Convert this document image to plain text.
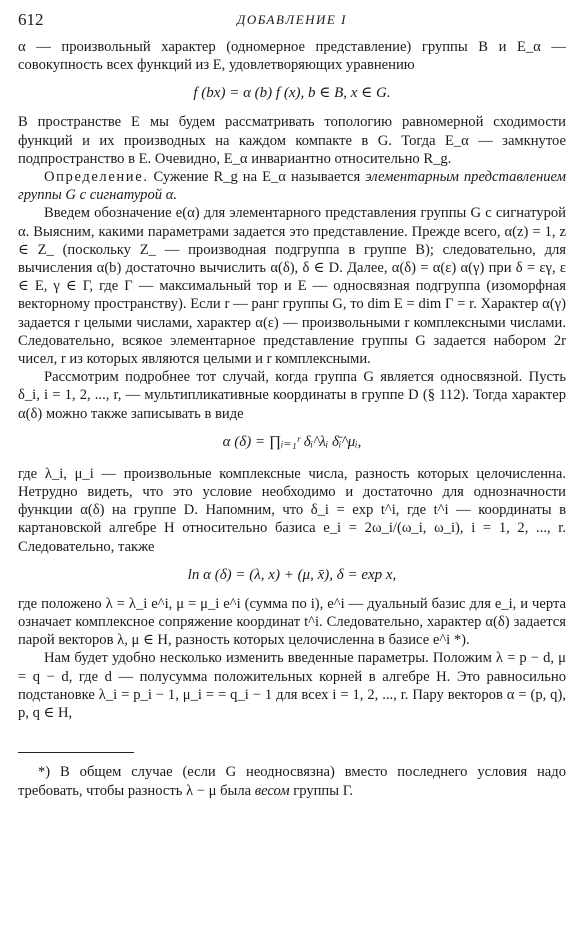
612	ДОБАВЛЕНИЕ I

α — произвольный характер (одномерное представление) группы B и E_α — совокупность всех функций из E, удовлетворяющих уравнению

f (bx) = α (b) f (x), b ∈ B, x ∈ G.

В пространстве E мы будем рассматривать топологию равномерной сходимости функций и их производных на каждом компакте в G. Тогда E_α — замкнутое подпространство в E. Очевидно, E_α инвариантно относительно R_g.

Определение. Сужение R_g на E_α называется элементарным представлением группы G с сигнатурой α.

Введем обозначение e(α) для элементарного представления группы G с сигнатурой α. Выясним, какими параметрами задается это представление. Прежде всего, α(z) = 1, z ∈ Z_ (поскольку Z_ — производная подгруппа в группе B); следовательно, для вычисления α(b) достаточно вычислить α(δ), δ ∈ D. Далее, α(δ) = α(ε) α(γ) при δ = εγ, ε ∈ E, γ ∈ Γ, где Γ — максимальный тор и E — односвязная подгруппа (изоморфная векторному пространству). Если r — ранг группы G, то dim E = dim Γ = r. Характер α(γ) задается r целыми числами, характер α(ε) — произвольными r комплексными числами. Следовательно, всякое элементарное представление группы G задается набором 2r чисел, r из которых являются целыми и r комплексными.

Рассмотрим подробнее тот случай, когда группа G является односвязной. Пусть δ_i, i = 1, 2, ..., r, — мультипликативные координаты в группе D (§ 112). Тогда характер α(δ) можно также записывать в виде

α (δ) = ∏ᵢ₌₁ʳ δᵢ^λᵢ δ̄ᵢ^μᵢ,

где λ_i, μ_i — произвольные комплексные числа, разность которых целочисленна. Нетрудно видеть, что это условие необходимо и достаточно для однозначности функции α(δ) на группе D. Напомним, что δ_i = exp t^i, где t^i — координаты в картановской алгебре H относительно базиса e_i = 2ω_i/(ω_i, ω_i), i = 1, 2, ..., r. Следовательно, также

ln α (δ) = (λ, x) + (μ, x̄), δ = exp x,

где положено λ = λ_i e^i, μ = μ_i e^i (сумма по i), e^i — дуальный базис для e_i, и черта означает комплексное сопряжение координат t^i. Следовательно, характер α(δ) задается парой векторов λ, μ ∈ H, разность которых целочисленна в базисе e^i *).

Нам будет удобно несколько изменить введенные параметры. Положим λ = p − d, μ = q − d, где d — полусумма положительных корней в алгебре H. Это равносильно подстановке λ_i = p_i − 1, μ_i = = q_i − 1 для всех i = 1, 2, ..., r. Пару векторов α = (p, q), p, q ∈ H,

*) В общем случае (если G неодносвязна) вместо последнего условия надо требовать, чтобы разность λ − μ была весом группы Γ.
